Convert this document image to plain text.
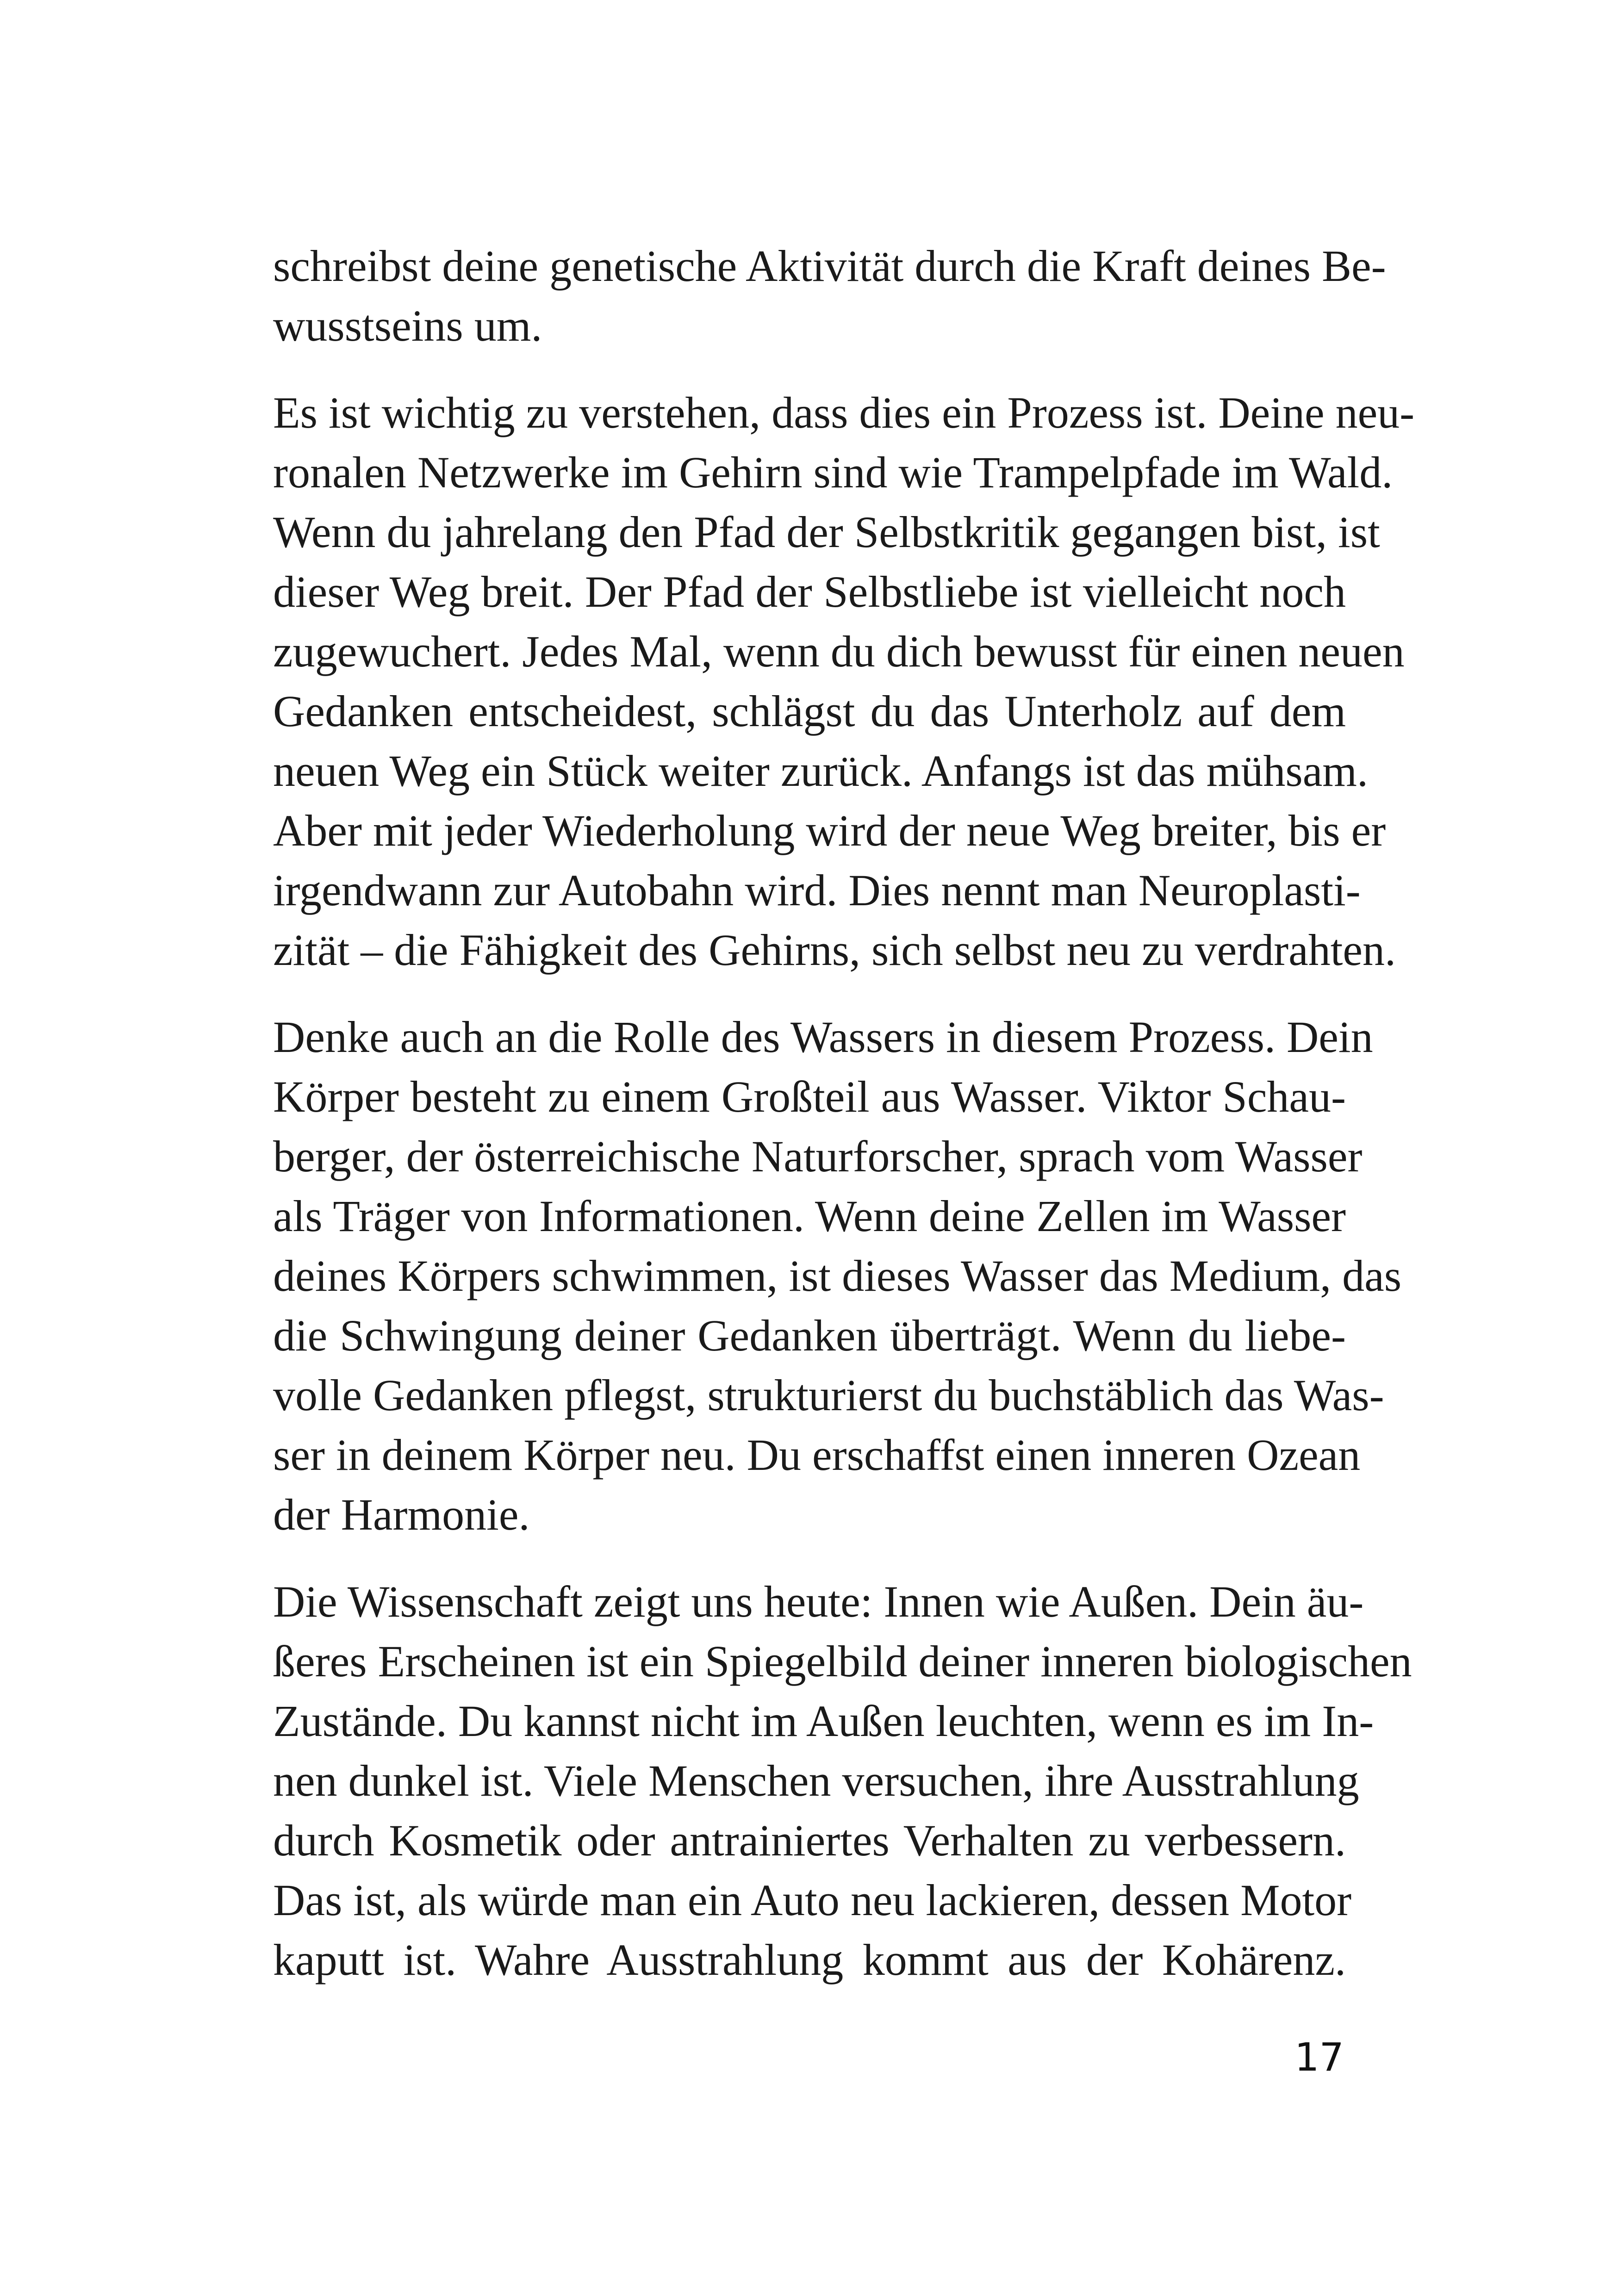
schreibst deine genetische Aktivität durch die Kraft deines Be-
wusstseins um.

Es ist wichtig zu verstehen, dass dies ein Prozess ist. Deine neu-
ronalen Netzwerke im Gehirn sind wie Trampelpfade im Wald.
Wenn du jahrelang den Pfad der Selbstkritik gegangen bist, ist
dieser Weg breit. Der Pfad der Selbstliebe ist vielleicht noch
zugewuchert. Jedes Mal, wenn du dich bewusst für einen neuen
Gedanken entscheidest, schlägst du das Unterholz auf dem
neuen Weg ein Stück weiter zurück. Anfangs ist das mühsam.
Aber mit jeder Wiederholung wird der neue Weg breiter, bis er
irgendwann zur Autobahn wird. Dies nennt man Neuroplasti-
zität – die Fähigkeit des Gehirns, sich selbst neu zu verdrahten.

Denke auch an die Rolle des Wassers in diesem Prozess. Dein
Körper besteht zu einem Großteil aus Wasser. Viktor Schau-
berger, der österreichische Naturforscher, sprach vom Wasser
als Träger von Informationen. Wenn deine Zellen im Wasser
deines Körpers schwimmen, ist dieses Wasser das Medium, das
die Schwingung deiner Gedanken überträgt. Wenn du liebe-
volle Gedanken pflegst, strukturierst du buchstäblich das Was-
ser in deinem Körper neu. Du erschaffst einen inneren Ozean
der Harmonie.

Die Wissenschaft zeigt uns heute: Innen wie Außen. Dein äu-
ßeres Erscheinen ist ein Spiegelbild deiner inneren biologischen
Zustände. Du kannst nicht im Außen leuchten, wenn es im In-
nen dunkel ist. Viele Menschen versuchen, ihre Ausstrahlung
durch Kosmetik oder antrainiertes Verhalten zu verbessern.
Das ist, als würde man ein Auto neu lackieren, dessen Motor
kaputt ist. Wahre Ausstrahlung kommt aus der Kohärenz.

17
